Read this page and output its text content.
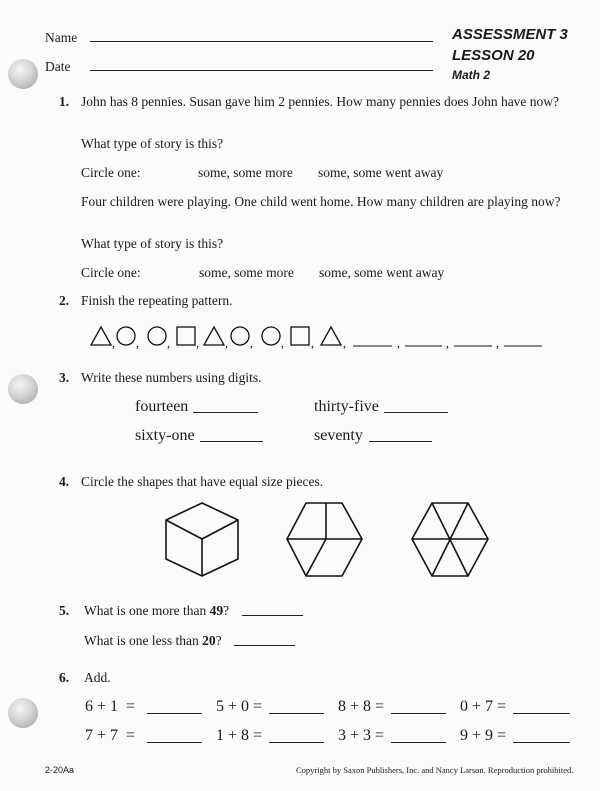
Name
Date
ASSESSMENT 3
LESSON 20
Math 2
1. John has 8 pennies. Susan gave him 2 pennies. How many pennies does John have now?
What type of story is this?
Circle one:	some, some more some, some went away
Four children were playing. One child went home. How many children are playing now?
What type of story is this?
Circle one:	some, some more some, some went away
2. Finish the repeating pattern.
, , , , , , , , ,	,	,	,
3. Write these numbers using digits.
fourteen	thirty-five
sixty-one	seventy
4. Circle the shapes that have equal size pieces.
5. What is one more than 49?
What is one less than 20?
6. Add.
6 + 1  =	5 + 0 =	8 + 8 =	0 + 7 =
7 + 7  =	1 + 8 =	3 + 3 =	9 + 9 =
2-20Aa	Copyright by Saxon Publishers, Inc. and Nancy Larson. Reproduction prohibited.
